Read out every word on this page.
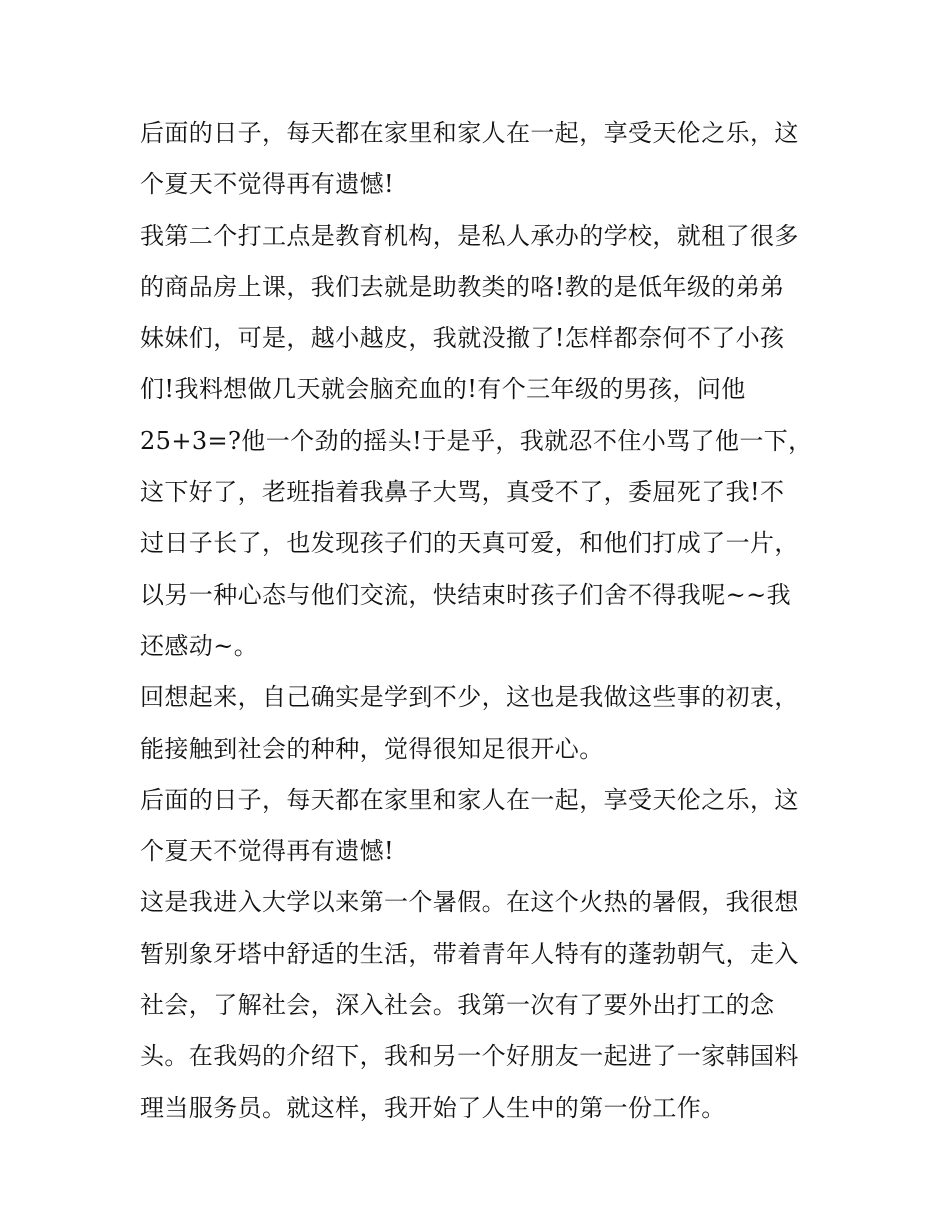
后面的日子，每天都在家里和家人在一起，享受天伦之乐，这
个夏天不觉得再有遗憾!
我第二个打工点是教育机构，是私人承办的学校，就租了很多
的商品房上课，我们去就是助教类的咯!教的是低年级的弟弟
妹妹们，可是，越小越皮，我就没撤了!怎样都奈何不了小孩
们!我料想做几天就会脑充血的!有个三年级的男孩，问他
25+3=?他一个劲的摇头!于是乎，我就忍不住小骂了他一下，
这下好了，老班指着我鼻子大骂，真受不了，委屈死了我!不
过日子长了，也发现孩子们的天真可爱，和他们打成了一片，
以另一种心态与他们交流，快结束时孩子们舍不得我呢~~我
还感动~。
回想起来，自己确实是学到不少，这也是我做这些事的初衷，
能接触到社会的种种，觉得很知足很开心。
后面的日子，每天都在家里和家人在一起，享受天伦之乐，这
个夏天不觉得再有遗憾!
这是我进入大学以来第一个暑假。在这个火热的暑假，我很想
暂别象牙塔中舒适的生活，带着青年人特有的蓬勃朝气，走入
社会，了解社会，深入社会。我第一次有了要外出打工的念
头。在我妈的介绍下，我和另一个好朋友一起进了一家韩国料
理当服务员。就这样，我开始了人生中的第一份工作。
